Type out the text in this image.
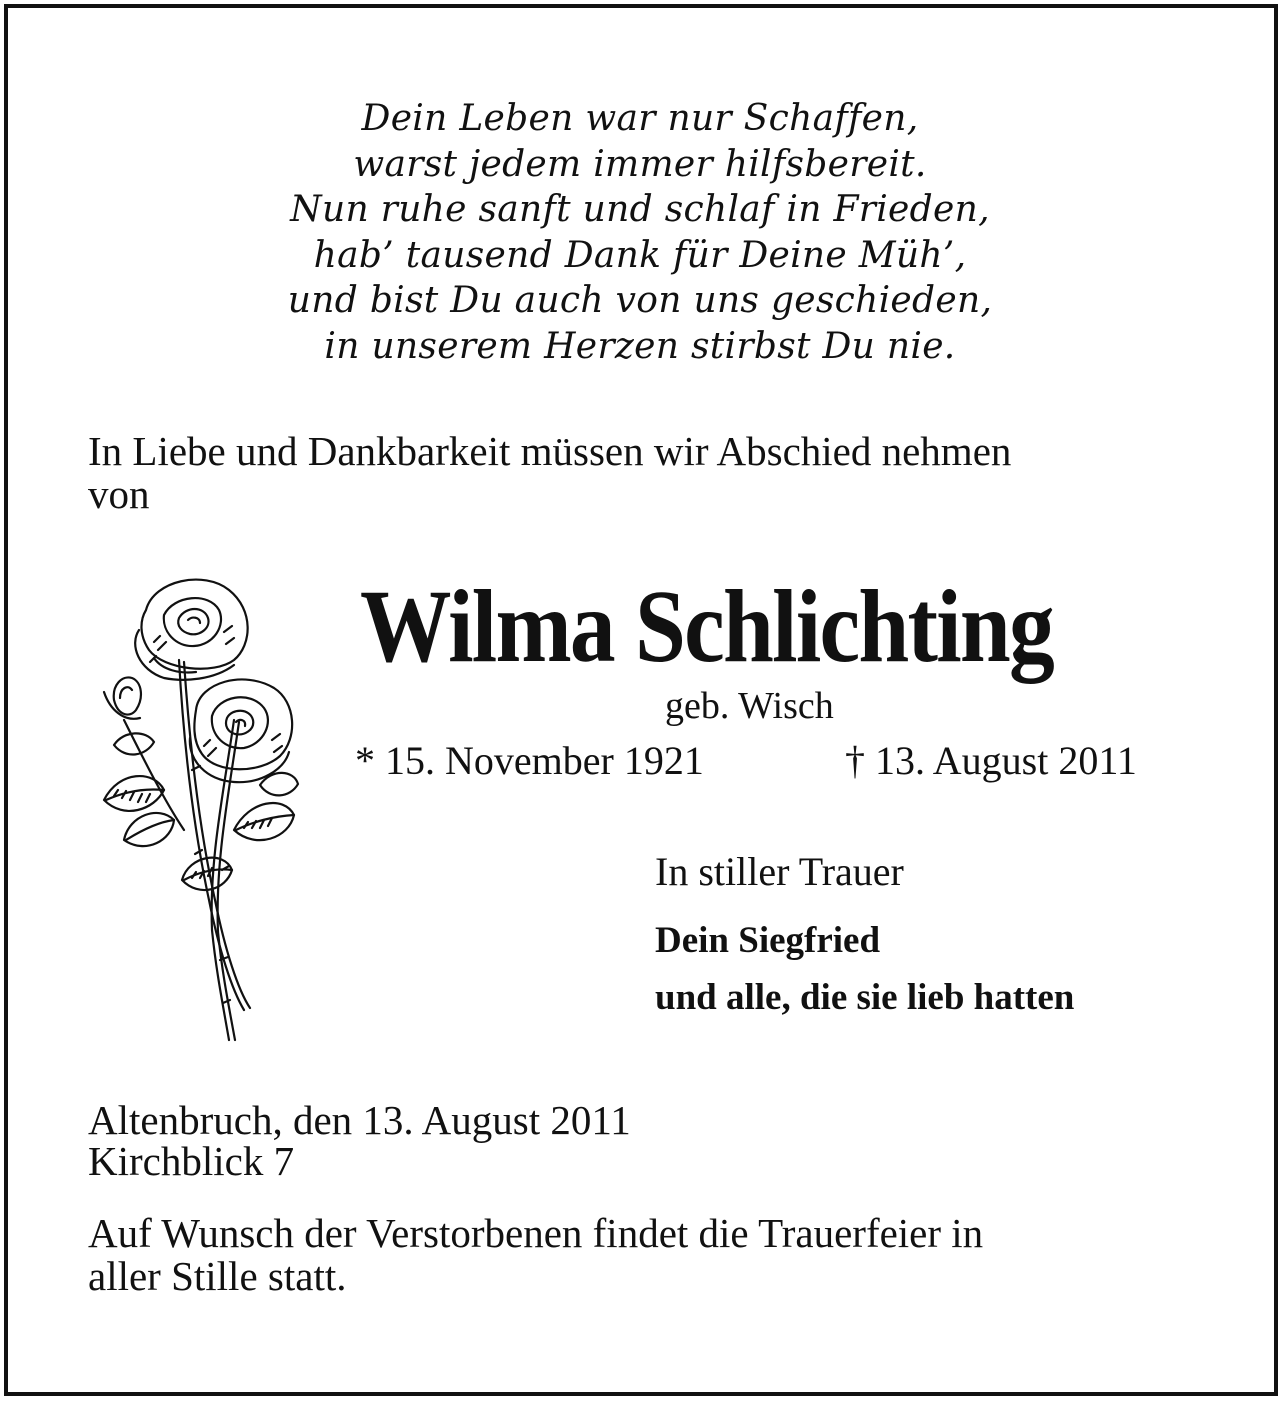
Dein Leben war nur Schaffen,
warst jedem immer hilfsbereit.
Nun ruhe sanft und schlaf in Frieden,
hab’ tausend Dank für Deine Müh’,
und bist Du auch von uns geschieden,
in unserem Herzen stirbst Du nie.
In Liebe und Dankbarkeit müssen wir Abschied nehmen
von
Wilma Schlichting
geb. Wisch
* 15. November 1921	† 13. August 2011
In stiller Trauer
Dein Siegfried
und alle, die sie lieb hatten
Altenbruch, den 13. August 2011
Kirchblick 7
Auf Wunsch der Verstorbenen findet die Trauerfeier in
aller Stille statt.
